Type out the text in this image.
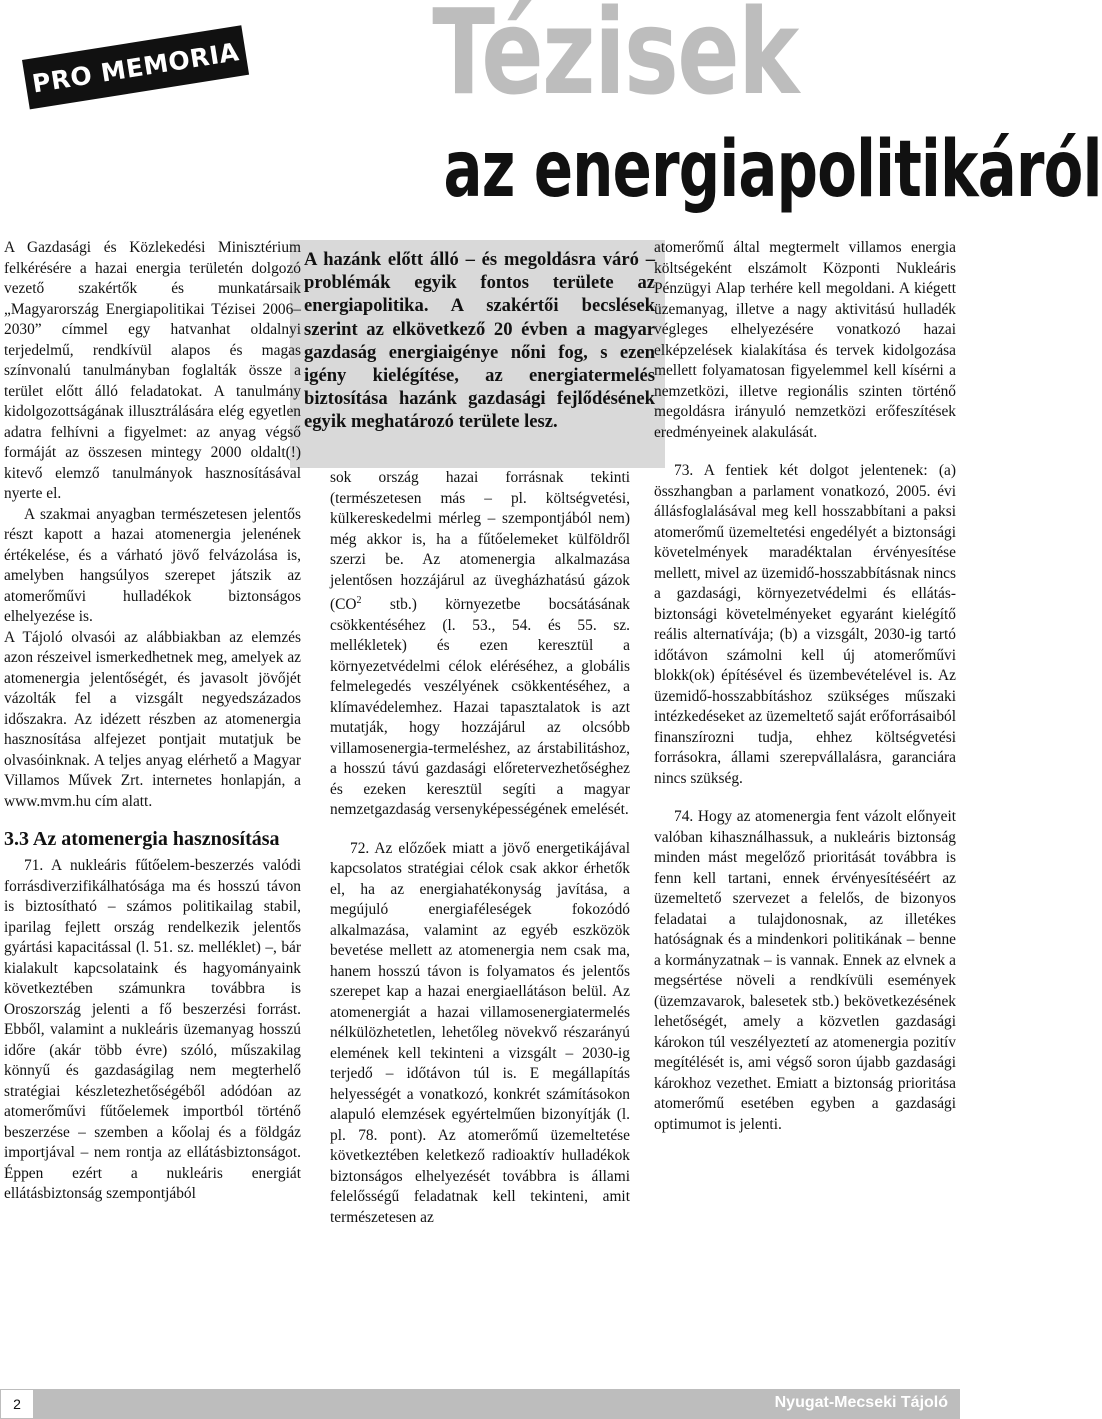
PRO MEMORIA	Tézisek
az energiapolitikáról
A hazánk előtt álló – és megoldásra váró – problémák egyik fontos területe az energiapolitika. A szakértői becslések szerint az elkövetkező 20 évben a magyar gazdaság energiaigénye nőni fog, s ezen igény kielégítése, az energiatermelés biztosítása hazánk gazdasági fejlődésének egyik meghatározó területe lesz.

A Gazdasági és Közlekedési Minisztérium felkérésére a hazai energia területén dolgozó vezető szakértők és munkatársaik „Magyarország Energiapolitikai Tézisei 2006–2030” címmel egy hatvanhat oldalnyi terjedelmű, rendkívül alapos és magas színvonalú tanulmányban foglalták össze a terület előtt álló feladatokat. A tanulmány kidolgozottságának illusztrálására elég egyetlen adatra felhívni a figyelmet: az anyag végső formáját az összesen mintegy 2000 oldalt(!) kitevő elemző tanulmányok hasznosításával nyerte el.

A szakmai anyagban természetesen jelentős részt kapott a hazai atomenergia jelenének értékelése, és a várható jövő felvázolása is, amelyben hangsúlyos szerepet játszik az atomerőművi hulladékok biztonságos elhelyezése is.

A Tájoló olvasói az alábbiakban az elemzés azon részeivel ismerkedhetnek meg, amelyek az atomenergia jelentőségét, és javasolt jövőjét vázolták fel a vizsgált negyedszázados időszakra. Az idézett részben az atomenergia hasznosítása alfejezet pontjait mutatjuk be olvasóinknak. A teljes anyag elérhető a Magyar Villamos Művek Zrt. internetes honlapján, a www.mvm.hu cím alatt.

3.3 Az atomenergia hasznosítása

71. A nukleáris fűtőelem-beszerzés valódi forrásdiverzifikálhatósága ma és hosszú távon is biztosítható – számos politikailag stabil, iparilag fejlett ország rendelkezik jelentős gyártási kapacitással (l. 51. sz. melléklet) –, bár kialakult kapcsolataink és hagyományaink következtében számunkra továbbra is Oroszország jelenti a fő beszerzési forrást. Ebből, valamint a nukleáris üzemanyag hosszú időre (akár több évre) szóló, műszakilag könnyű és gazdaságilag nem megterhelő stratégiai készletezhetőségéből adódóan az atomerőművi fűtőelemek importból történő beszerzése – szemben a kőolaj és a földgáz importjával – nem rontja az ellátásbiztonságot. Éppen ezért a nukleáris energiát ellátásbiztonság szempontjából

sok ország hazai forrásnak tekinti (természetesen más – pl. költségvetési, külkereskedelmi mérleg – szempontjából nem) még akkor is, ha a fűtőelemeket külföldről szerzi be. Az atomenergia alkalmazása jelentősen hozzájárul az üvegházhatású gázok ($CO^2$ stb.) környezetbe bocsátásának csökkentéséhez (l. 53., 54. és 55. sz. mellékletek) és ezen keresztül a környezetvédelmi célok eléréséhez, a globális felmelegedés veszélyének csökkentéséhez, a klímavédelemhez. Hazai tapasztalatok is azt mutatják, hogy hozzájárul az olcsóbb villamosenergia-termeléshez, az árstabilitáshoz, a hosszú távú gazdasági előretervezhetőséghez és ezeken keresztül segíti a magyar nemzetgazdaság versenyképességének emelését.

72. Az előzőek miatt a jövő energetikájával kapcsolatos stratégiai célok csak akkor érhetők el, ha az energiahatékonyság javítása, a megújuló energiaféleségek fokozódó alkalmazása, valamint az egyéb eszközök bevetése mellett az atomenergia nem csak ma, hanem hosszú távon is folyamatos és jelentős szerepet kap a hazai energiaellátáson belül. Az atomenergiát a hazai villamosenergiatermelés nélkülözhetetlen, lehetőleg növekvő részarányú elemének kell tekinteni a vizsgált – 2030-ig terjedő – időtávon túl is. E megállapítás helyességét a vonatkozó, konkrét számításokon alapuló elemzések egyértelműen bizonyítják (l. pl. 78. pont). Az atomerőmű üzemeltetése következtében keletkező radioaktív hulladékok biztonságos elhelyezését továbbra is állami felelősségű feladatnak kell tekinteni, amit természetesen az

atomerőmű által megtermelt villamos energia költségeként elszámolt Központi Nukleáris Pénzügyi Alap terhére kell megoldani. A kiégett üzemanyag, illetve a nagy aktivitású hulladék végleges elhelyezésére vonatkozó hazai elképzelések kialakítása és tervek kidolgozása mellett folyamatosan figyelemmel kell kísérni a nemzetközi, illetve regionális szinten történő megoldásra irányuló nemzetközi erőfeszítések eredményeinek alakulását.

73. A fentiek két dolgot jelentenek: (a) összhangban a parlament vonatkozó, 2005. évi állásfoglalásával meg kell hosszabbítani a paksi atomerőmű üzemeltetési engedélyét a biztonsági követelmények maradéktalan érvényesítése mellett, mivel az üzemidő-hosszabbításnak nincs a gazdasági, környezetvédelmi és ellátás-biztonsági követelményeket egyaránt kielégítő reális alternatívája; (b) a vizsgált, 2030-ig tartó időtávon számolni kell új atomerőművi blokk(ok) építésével és üzembevételével is. Az üzemidő-hosszabbításhoz szükséges műszaki intézkedéseket az üzemeltető saját erőforrásaiból finanszírozni tudja, ehhez költségvetési forrásokra, állami szerepvállalásra, garanciára nincs szükség.

74. Hogy az atomenergia fent vázolt előnyeit valóban kihasználhassuk, a nukleáris biztonság minden mást megelőző prioritását továbbra is fenn kell tartani, ennek érvényesítéséért az üzemeltető szervezet a felelős, de bizonyos feladatai a tulajdonosnak, az illetékes hatóságnak és a mindenkori politikának – benne a kormányzatnak – is vannak. Ennek az elvnek a megsértése növeli a rendkívüli események (üzemzavarok, balesetek stb.) bekövetkezésének lehetőségét, amely a közvetlen gazdasági károkon túl veszélyeztetí az atomenergia pozitív megítélését is, ami végső soron újabb gazdasági károkhoz vezethet. Emiatt a biztonság prioritása atomerőmű esetében egyben a gazdasági optimumot is jelenti.

2	Nyugat-Mecseki Tájoló
